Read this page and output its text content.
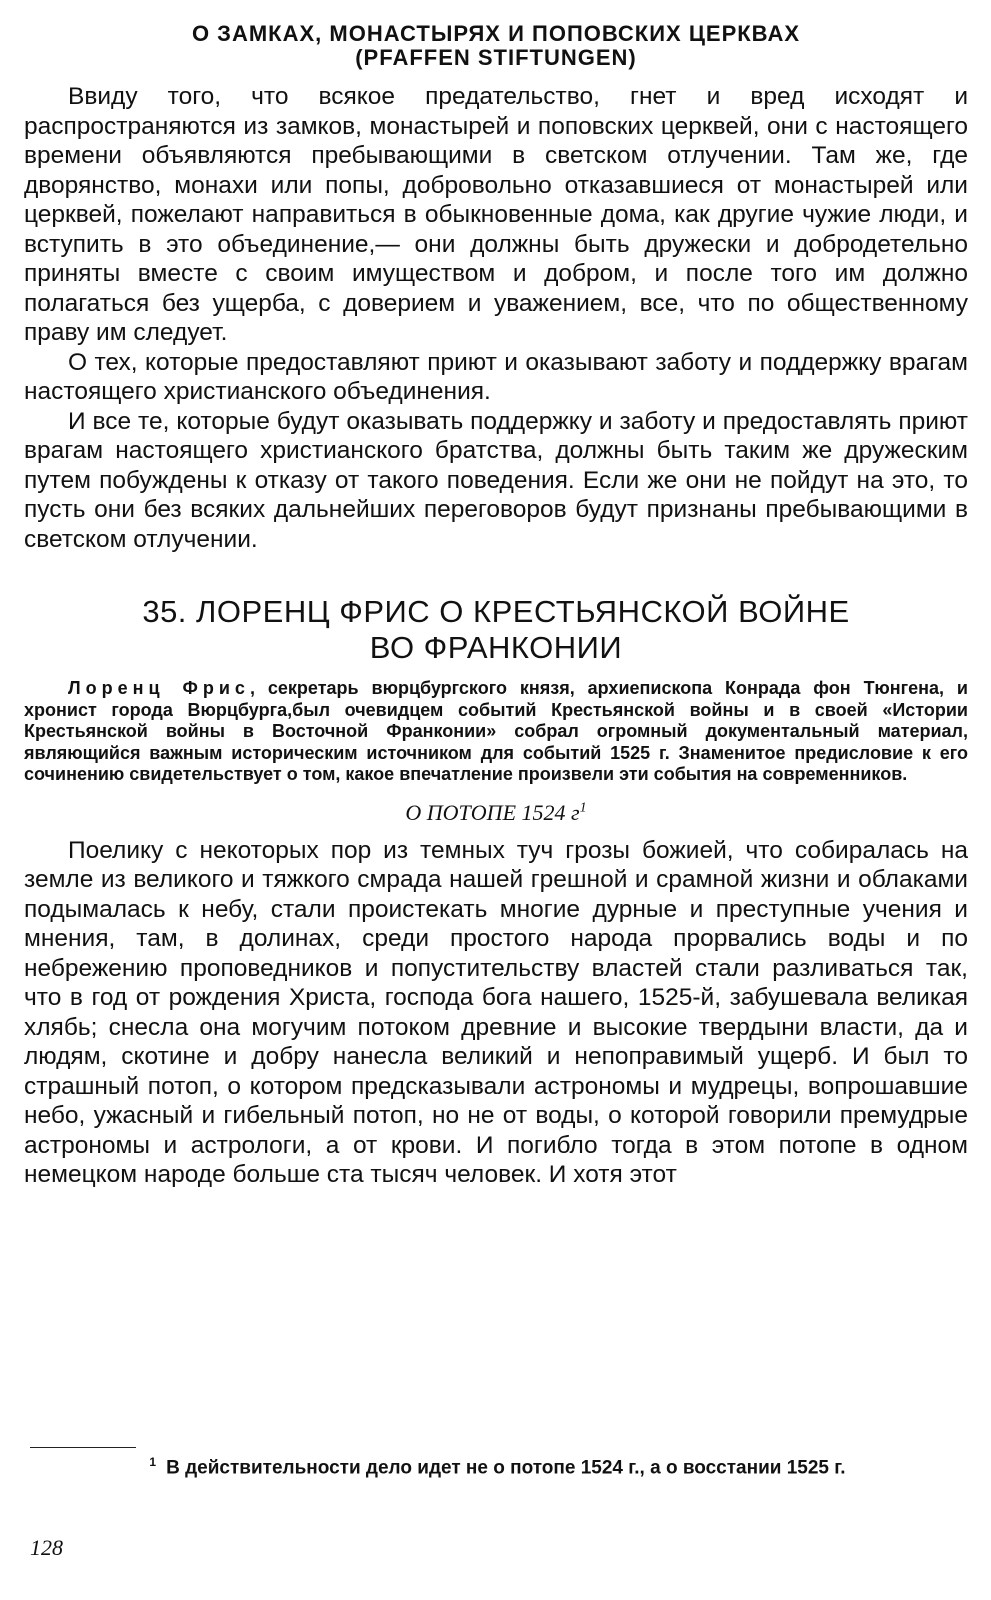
О ЗАМКАХ, МОНАСТЫРЯХ И ПОПОВСКИХ ЦЕРКВАХ
(PFAFFEN STIFTUNGEN)

Ввиду того, что всякое предательство, гнет и вред исходят и распространяются из замков, монастырей и поповских церквей, они с настоящего времени объявляются пребывающими в светском отлучении. Там же, где дворянство, монахи или попы, добровольно отказавшиеся от монастырей или церквей, пожелают направиться в обыкновенные дома, как другие чужие люди, и вступить в это объединение,— они должны быть дружески и добродетельно приняты вместе с своим имуществом и добром, и после того им должно полагаться без ущерба, с доверием и уважением, все, что по общественному праву им следует.

О тех, которые предоставляют приют и оказывают заботу и поддержку врагам настоящего христианского объединения.

И все те, которые будут оказывать поддержку и заботу и предоставлять приют врагам настоящего христианского братства, должны быть таким же дружеским путем побуждены к отказу от такого поведения. Если же они не пойдут на это, то пусть они без всяких дальнейших переговоров будут признаны пребывающими в светском отлучении.

35. ЛОРЕНЦ ФРИС О КРЕСТЬЯНСКОЙ ВОЙНЕ
ВО ФРАНКОНИИ

Лоренц Фрис, секретарь вюрцбургского князя, архиепископа Конрада фон Тюнгена, и хронист города Вюрцбурга,был очевидцем событий Крестьянской войны и в своей «Истории Крестьянской войны в Восточной Франконии» собрал огромный документальный материал, являющийся важным историческим источником для событий 1525 г. Знаменитое предисловие к его сочинению свидетельствует о том, какое впечатление произвели эти события на современников.

О ПОТОПЕ 1524 $г^1$

Поелику с некоторых пор из темных туч грозы божией, что собиралась на земле из великого и тяжкого смрада нашей грешной и срамной жизни и облаками подымалась к небу, стали проистекать многие дурные и преступные учения и мнения, там, в долинах, среди простого народа прорвались воды и по небрежению проповедников и попустительству властей стали разливаться так, что в год от рождения Христа, господа бога нашего, 1525-й, забушевала великая хлябь; снесла она могучим потоком древние и высокие твердыни власти, да и людям, скотине и добру нанесла великий и непоправимый ущерб. И был то страшный потоп, о котором предсказывали астрономы и мудрецы, вопрошавшие небо, ужасный и гибельный потоп, но не от воды, о которой говорили премудрые астрономы и астрологи, а от крови. И погибло тогда в этом потопе в одном немецком народе больше ста тысяч человек. И хотя этот

$^1$ В действительности дело идет не о потопе 1524 г., а о восстании 1525 г.

128
